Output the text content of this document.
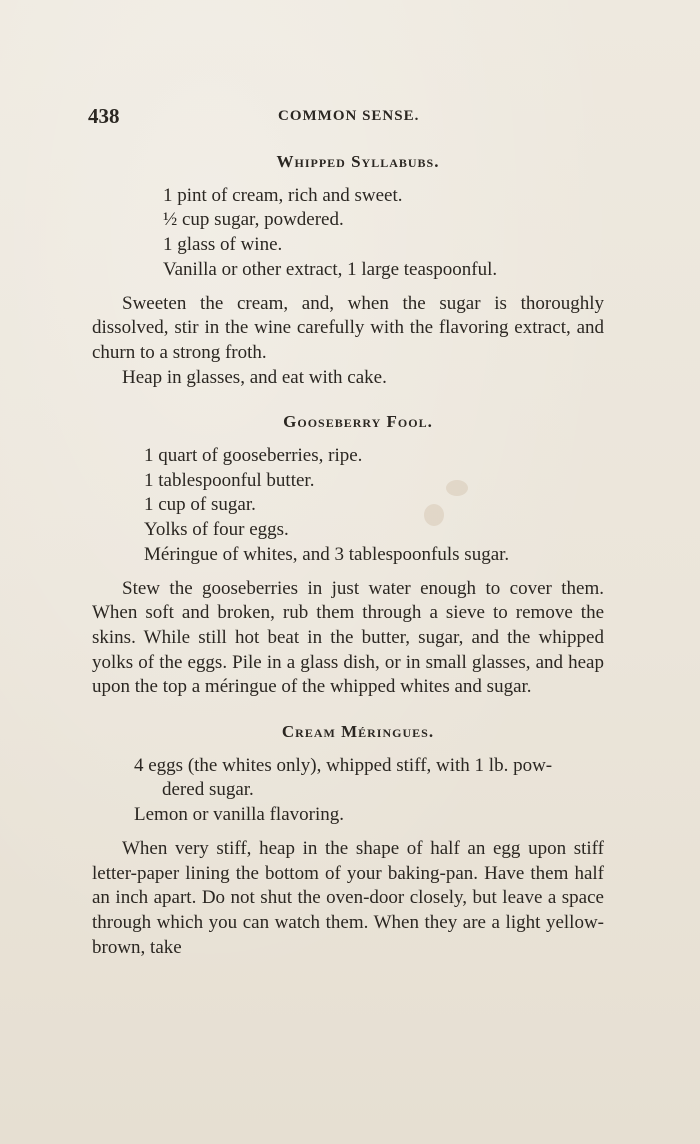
438	COMMON SENSE.
Whipped Syllabubs.
1 pint of cream, rich and sweet.
½ cup sugar, powdered.
1 glass of wine.
Vanilla or other extract, 1 large teaspoonful.

Sweeten the cream, and, when the sugar is thoroughly dissolved, stir in the wine carefully with the flavoring extract, and churn to a strong froth.

Heap in glasses, and eat with cake.

Gooseberry Fool.
1 quart of gooseberries, ripe.
1 tablespoonful butter.
1 cup of sugar.
Yolks of four eggs.
Méringue of whites, and 3 tablespoonfuls sugar.

Stew the gooseberries in just water enough to cover them. When soft and broken, rub them through a sieve to remove the skins. While still hot beat in the butter, sugar, and the whipped yolks of the eggs. Pile in a glass dish, or in small glasses, and heap upon the top a méringue of the whipped whites and sugar.

Cream Méringues.
4 eggs (the whites only), whipped stiff, with 1 lb. pow-
dered sugar.
Lemon or vanilla flavoring.

When very stiff, heap in the shape of half an egg upon stiff letter-paper lining the bottom of your baking-pan. Have them half an inch apart. Do not shut the oven-door closely, but leave a space through which you can watch them. When they are a light yellow-brown, take
